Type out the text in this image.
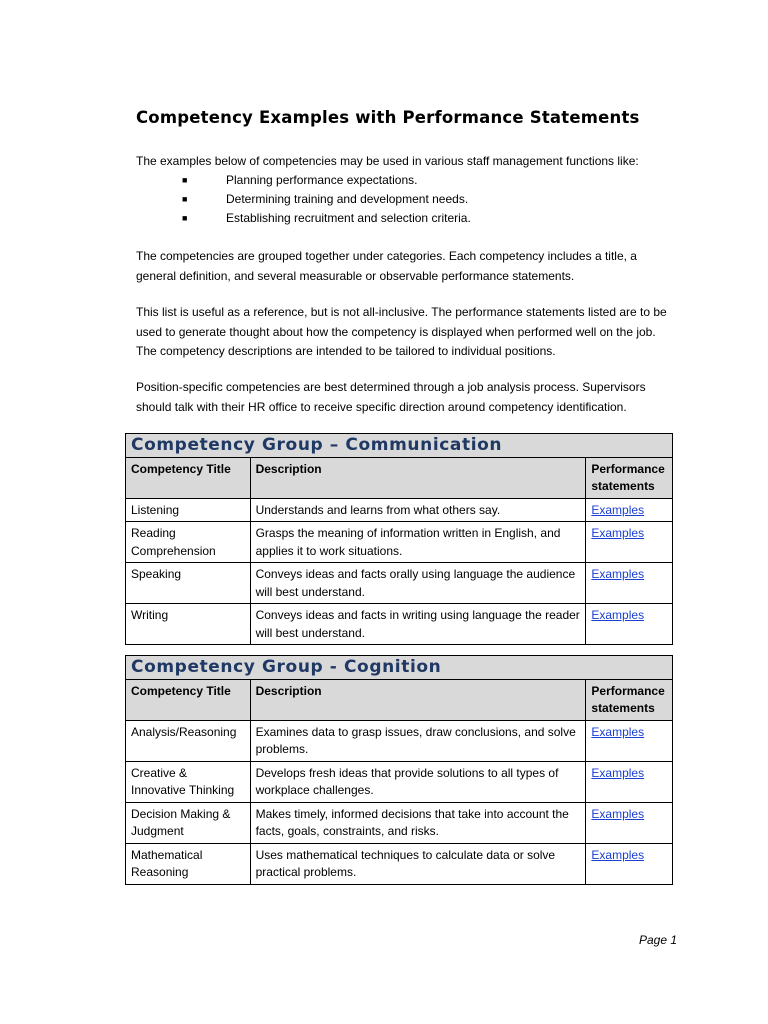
Competency Examples with Performance Statements

The examples below of competencies may be used in various staff management functions like:

■	Planning performance expectations.
■	Determining training and development needs.
■	Establishing recruitment and selection criteria.

The competencies are grouped together under categories. Each competency includes a title, a general definition, and several measurable or observable performance statements.

This list is useful as a reference, but is not all-inclusive. The performance statements listed are to be used to generate thought about how the competency is displayed when performed well on the job. The competency descriptions are intended to be tailored to individual positions.

Position-specific competencies are best determined through a job analysis process. Supervisors should talk with their HR office to receive specific direction around competency identification.

Competency Group – Communication		
Competency Title	Description	Performance statements
Listening	Understands and learns from what others say.	Examples
Reading Comprehension	Grasps the meaning of information written in English, and applies it to work situations.	Examples
Speaking	Conveys ideas and facts orally using language the audience will best understand.	Examples
Writing	Conveys ideas and facts in writing using language the reader will best understand.	Examples
Competency Group - Cognition		
Competency Title	Description	Performance statements
Analysis/Reasoning	Examines data to grasp issues, draw conclusions, and solve problems.	Examples
Creative & Innovative Thinking	Develops fresh ideas that provide solutions to all types of workplace challenges.	Examples
Decision Making & Judgment	Makes timely, informed decisions that take into account the facts, goals, constraints, and risks.	Examples
Mathematical Reasoning	Uses mathematical techniques to calculate data or solve practical problems.	Examples
Page 1
